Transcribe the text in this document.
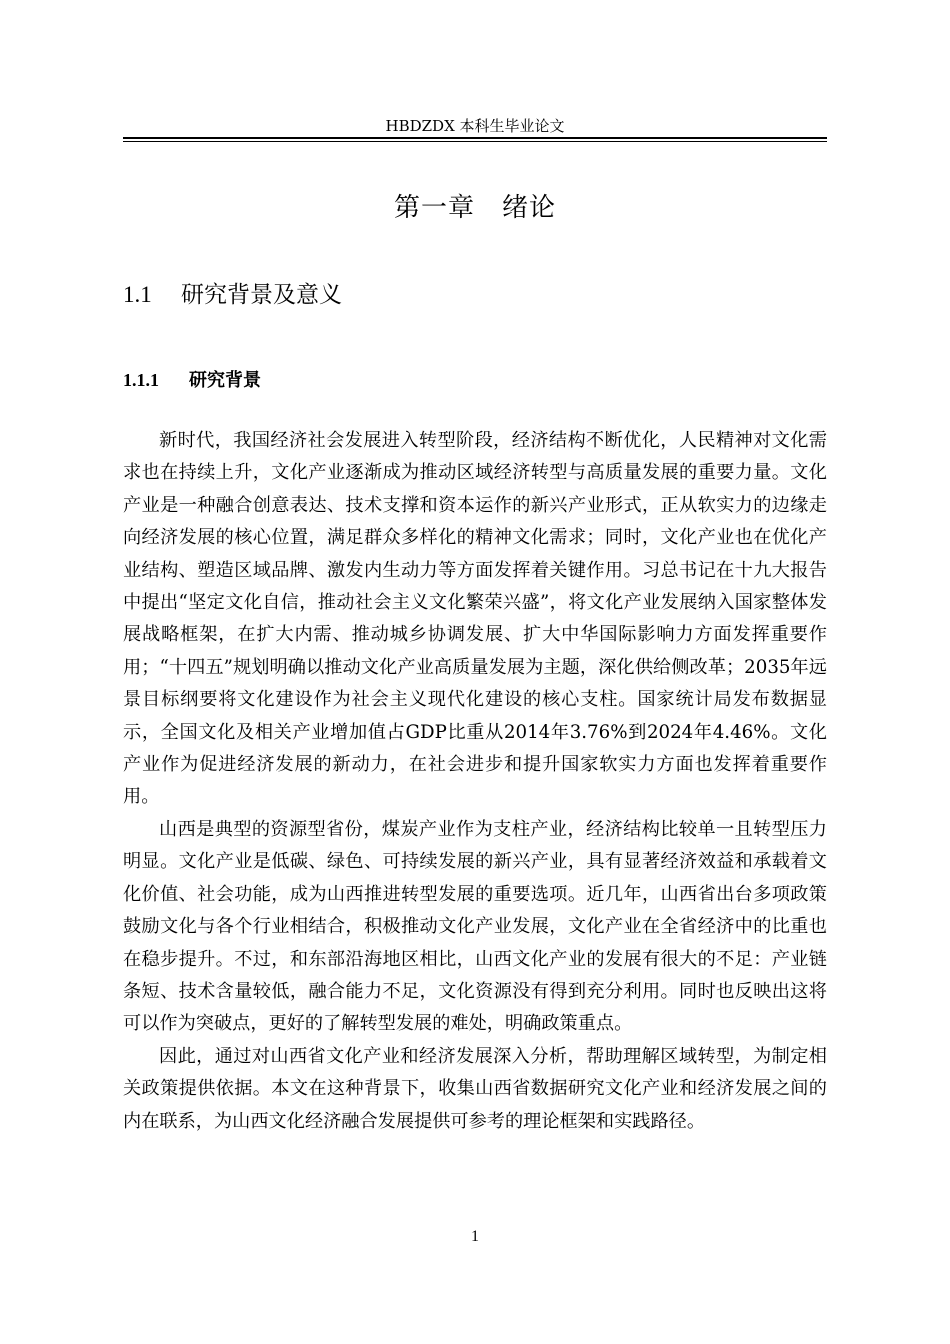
HBDZDX 本科生毕业论文
第一章　绪论
1.1 研究背景及意义
1.1.1 研究背景

新时代，我国经济社会发展进入转型阶段，经济结构不断优化，人民精神对文化需求也在持续上升，文化产业逐渐成为推动区域经济转型与高质量发展的重要力量。文化产业是一种融合创意表达、技术支撑和资本运作的新兴产业形式，正从软实力的边缘走向经济发展的核心位置，满足群众多样化的精神文化需求；同时，文化产业也在优化产业结构、塑造区域品牌、激发内生动力等方面发挥着关键作用。习总书记在十九大报告中提出“坚定文化自信，推动社会主义文化繁荣兴盛”，将文化产业发展纳入国家整体发展战略框架，在扩大内需、推动城乡协调发展、扩大中华国际影响力方面发挥重要作用；“十四五”规划明确以推动文化产业高质量发展为主题，深化供给侧改革；2035年远景目标纲要将文化建设作为社会主义现代化建设的核心支柱。国家统计局发布数据显示，全国文化及相关产业增加值占GDP比重从2014年3.76%到2024年4.46%。文化产业作为促进经济发展的新动力，在社会进步和提升国家软实力方面也发挥着重要作用。

山西是典型的资源型省份，煤炭产业作为支柱产业，经济结构比较单一且转型压力明显。文化产业是低碳、绿色、可持续发展的新兴产业，具有显著经济效益和承载着文化价值、社会功能，成为山西推进转型发展的重要选项。近几年，山西省出台多项政策鼓励文化与各个行业相结合，积极推动文化产业发展，文化产业在全省经济中的比重也在稳步提升。不过，和东部沿海地区相比，山西文化产业的发展有很大的不足：产业链条短、技术含量较低，融合能力不足，文化资源没有得到充分利用。同时也反映出这将可以作为突破点，更好的了解转型发展的难处，明确政策重点。

因此，通过对山西省文化产业和经济发展深入分析，帮助理解区域转型，为制定相关政策提供依据。本文在这种背景下，收集山西省数据研究文化产业和经济发展之间的内在联系，为山西文化经济融合发展提供可参考的理论框架和实践路径。

1
